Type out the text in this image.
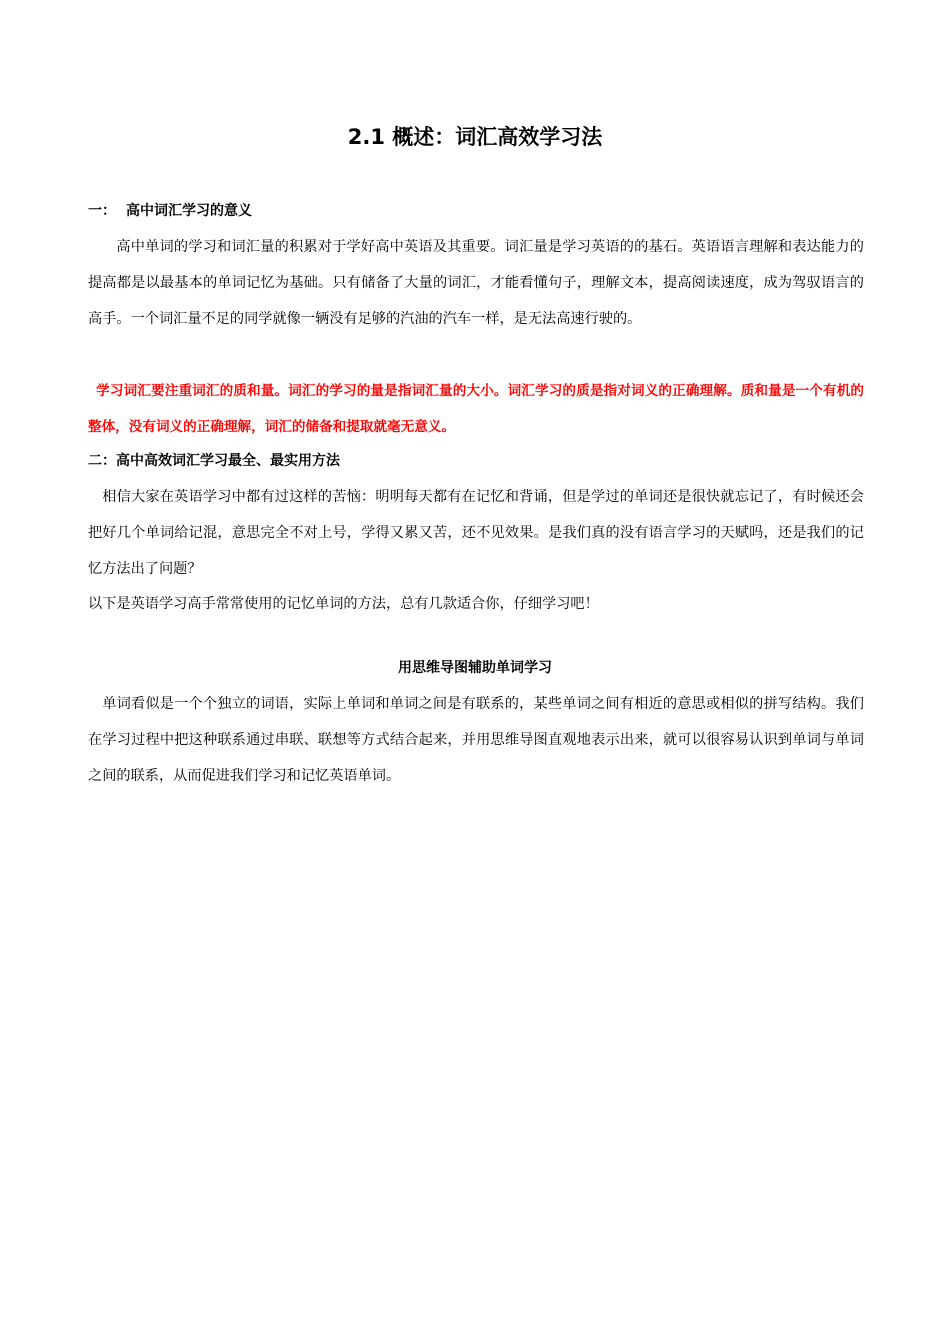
2.1 概述：词汇高效学习法
一： 高中词汇学习的意义

高中单词的学习和词汇量的积累对于学好高中英语及其重要。词汇量是学习英语的的基石。英语语言理解和表达能力的提高都是以最基本的单词记忆为基础。只有储备了大量的词汇，才能看懂句子，理解文本，提高阅读速度，成为驾驭语言的高手。一个词汇量不足的同学就像一辆没有足够的汽油的汽车一样，是无法高速行驶的。

学习词汇要注重词汇的质和量。词汇的学习的量是指词汇量的大小。词汇学习的质是指对词义的正确理解。质和量是一个有机的整体，没有词义的正确理解，词汇的储备和提取就毫无意义。

二：高中高效词汇学习最全、最实用方法

相信大家在英语学习中都有过这样的苦恼：明明每天都有在记忆和背诵，但是学过的单词还是很快就忘记了，有时候还会把好几个单词给记混，意思完全不对上号，学得又累又苦，还不见效果。是我们真的没有语言学习的天赋吗，还是我们的记忆方法出了问题？

以下是英语学习高手常常使用的记忆单词的方法，总有几款适合你，仔细学习吧！
用思维导图辅助单词学习

单词看似是一个个独立的词语，实际上单词和单词之间是有联系的，某些单词之间有相近的意思或相似的拼写结构。我们在学习过程中把这种联系通过串联、联想等方式结合起来，并用思维导图直观地表示出来，就可以很容易认识到单词与单词之间的联系，从而促进我们学习和记忆英语单词。
